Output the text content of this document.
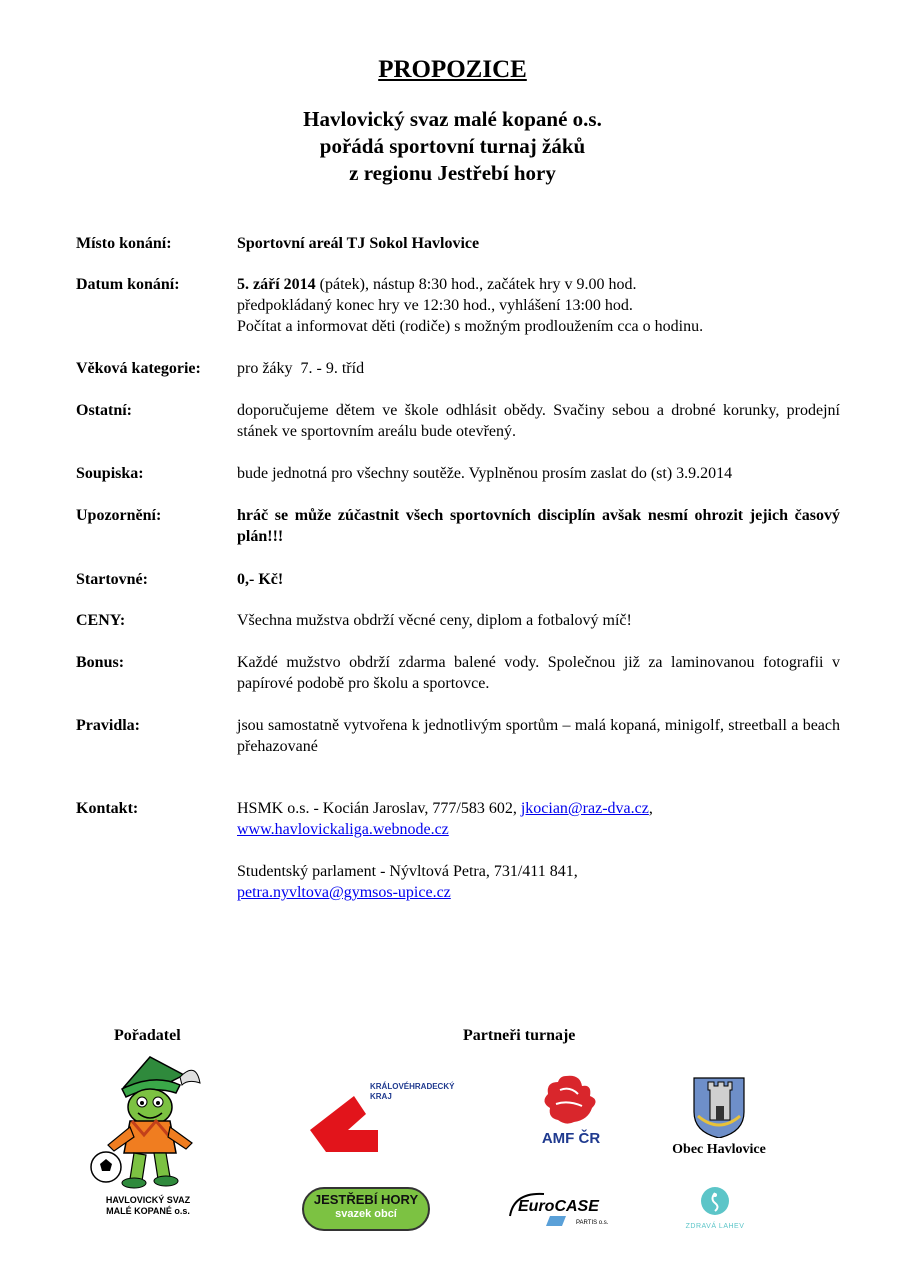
PROPOZICE
Havlovický svaz malé kopané o.s.
pořádá sportovní turnaj žáků
z regionu Jestřebí hory
Místo konání:	Sportovní areál TJ Sokol Havlovice
Datum konání:	5. září 2014 (pátek), nástup 8:30 hod., začátek hry v 9.00 hod.
předpokládaný konec hry ve 12:30 hod., vyhlášení 13:00 hod.
Počítat a informovat děti (rodiče) s možným prodloužením cca o hodinu.
Věková kategorie: pro žáky  7. - 9. tříd
Ostatní:	doporučujeme dětem ve škole odhlásit obědy. Svačiny sebou a drobné korunky, prodejní stánek ve sportovním areálu bude otevřený.
Soupiska:	bude jednotná pro všechny soutěže. Vyplněnou prosím zaslat do (st) 3.9.2014
Upozornění:	hráč se může zúčastnit všech sportovních disciplín avšak nesmí ohrozit jejich časový plán!!!
Startovné:	0,- Kč!
CENY:	Všechna mužstva obdrží věcné ceny, diplom a fotbalový míč!
Bonus:	Každé mužstvo obdrží zdarma balené vody. Společnou již za laminovanou fotografii v papírové podobě pro školu a sportovce.
Pravidla:	jsou samostatně vytvořena k jednotlivým sportům – malá kopaná, minigolf, streetball a beach přehazované
Kontakt:	HSMK o.s. - Kocián Jaroslav, 777/583 602, jkocian@raz-dva.cz,
www.havlovickaliga.webnode.cz
Studentský parlament - Nývltová Petra, 731/411 841,
petra.nyvltova@gymsos-upice.cz
Pořadatel	Partneři turnaje
HAVLOVICKÝ SVAZ
MALÉ KOPANÉ o.s.
KRÁLOVÉHRADECKÝ
KRAJ
AMF ČR
Obec Havlovice
JESTŘEBÍ HORY
svazek obcí	EuroCASE
PARTIS o.s.	ZDRAVÁ LAHEV
